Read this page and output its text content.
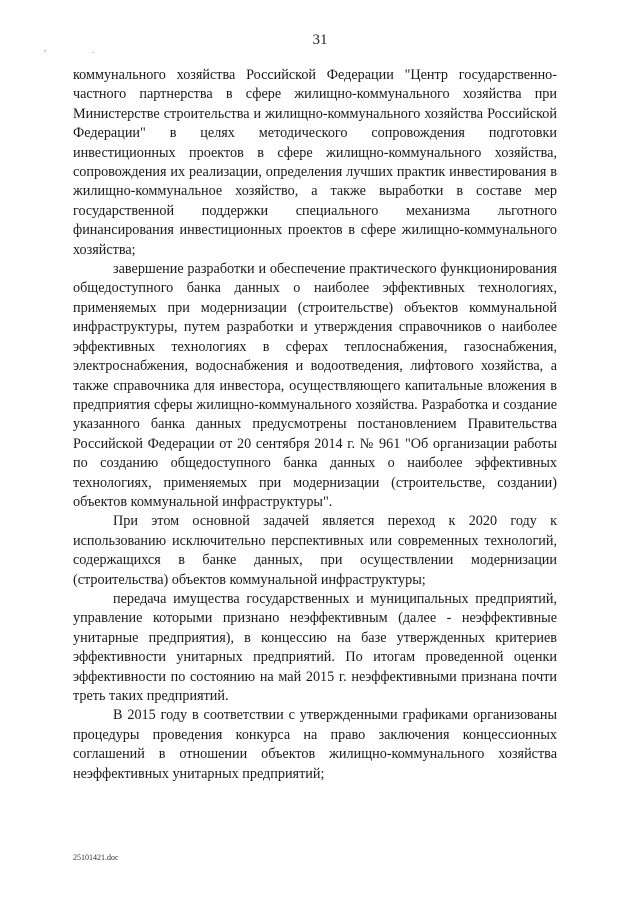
,	.
31

коммунального хозяйства Российской Федерации "Центр государственно-частного партнерства в сфере жилищно-коммунального хозяйства при Министерстве строительства и жилищно-коммунального хозяйства Российской Федерации" в целях методического сопровождения подготовки инвестиционных проектов в сфере жилищно-коммунального хозяйства, сопровождения их реализации, определения лучших практик инвестирования в жилищно-коммунальное хозяйство, а также выработки в составе мер государственной поддержки специального механизма льготного финансирования инвестиционных проектов в сфере жилищно-коммунального хозяйства;

завершение разработки и обеспечение практического функционирования общедоступного банка данных о наиболее эффективных технологиях, применяемых при модернизации (строительстве) объектов коммунальной инфраструктуры, путем разработки и утверждения справочников о наиболее эффективных технологиях в сферах теплоснабжения, газоснабжения, электроснабжения, водоснабжения и водоотведения, лифтового хозяйства, а также справочника для инвестора, осуществляющего капитальные вложения в предприятия сферы жилищно-коммунального хозяйства. Разработка и создание указанного банка данных предусмотрены постановлением Правительства Российской Федерации от 20 сентября 2014 г. № 961 "Об организации работы по созданию общедоступного банка данных о наиболее эффективных технологиях, применяемых при модернизации (строительстве, создании) объектов коммунальной инфраструктуры".

При этом основной задачей является переход к 2020 году к использованию исключительно перспективных или современных технологий, содержащихся в банке данных, при осуществлении модернизации (строительства) объектов коммунальной инфраструктуры;

передача имущества государственных и муниципальных предприятий, управление которыми признано неэффективным (далее - неэффективные унитарные предприятия), в концессию на базе утвержденных критериев эффективности унитарных предприятий. По итогам проведенной оценки эффективности по состоянию на май 2015 г. неэффективными признана почти треть таких предприятий.

В 2015 году в соответствии с утвержденными графиками организованы процедуры проведения конкурса на право заключения концессионных соглашений в отношении объектов жилищно-коммунального хозяйства неэффективных унитарных предприятий;

25101421.doc
